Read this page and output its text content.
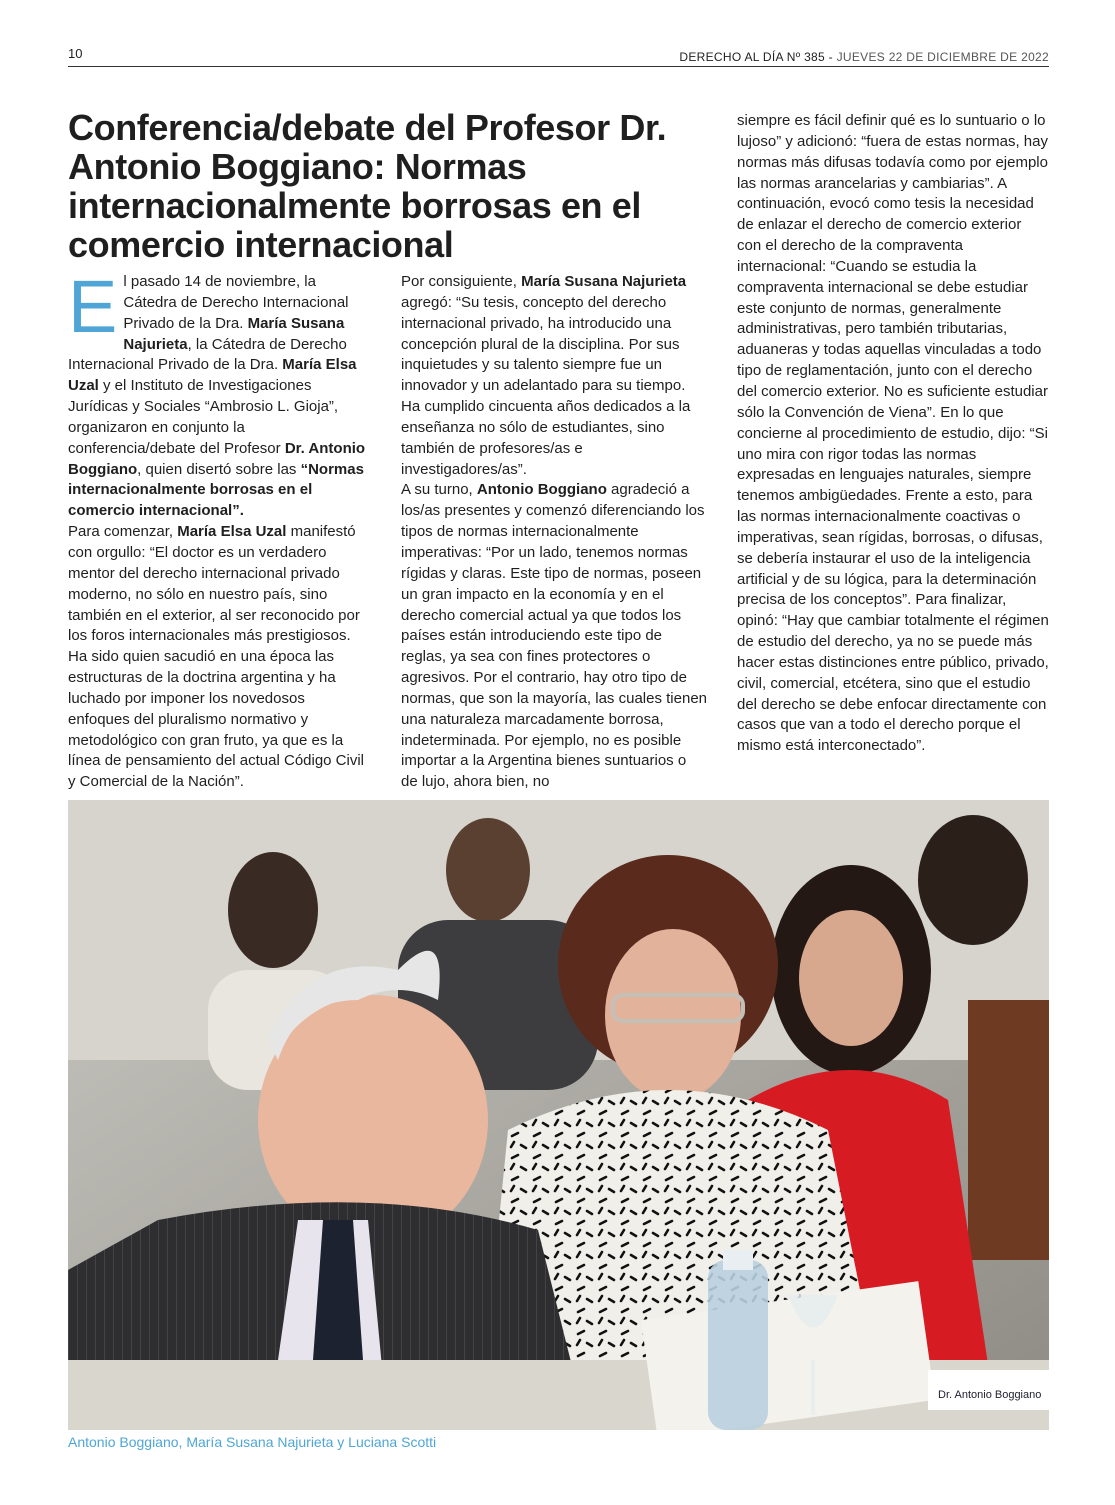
10	DERECHO AL DÍA Nº 385 - JUEVES 22 DE DICIEMBRE DE 2022
Conferencia/debate del Profesor Dr. Antonio Boggiano: Normas internacionalmente borrosas en el comercio internacional

El pasado 14 de noviembre, la Cátedra de Derecho Internacional Privado de la Dra. María Susana Najurieta, la Cátedra de Derecho Internacional Privado de la Dra. María Elsa Uzal y el Instituto de Investigaciones Jurídicas y Sociales “Ambrosio L. Gioja”, organizaron en conjunto la conferencia/debate del Profesor Dr. Antonio Boggiano, quien disertó sobre las “Normas internacionalmente borrosas en el comercio internacional”.

Para comenzar, María Elsa Uzal manifestó con orgullo: “El doctor es un verdadero mentor del derecho internacional privado moderno, no sólo en nuestro país, sino también en el exterior, al ser reconocido por los foros internacionales más prestigiosos. Ha sido quien sacudió en una época las estructuras de la doctrina argentina y ha luchado por imponer los novedosos enfoques del pluralismo normativo y metodológico con gran fruto, ya que es la línea de pensamiento del actual Código Civil y Comercial de la Nación”.

Por consiguiente, María Susana Najurieta agregó: “Su tesis, concepto del derecho internacional privado, ha introducido una concepción plural de la disciplina. Por sus inquietudes y su talento siempre fue un innovador y un adelantado para su tiempo. Ha cumplido cincuenta años dedicados a la enseñanza no sólo de estudiantes, sino también de profesores/as e investigadores/as”.

A su turno, Antonio Boggiano agradeció a los/as presentes y comenzó diferenciando los tipos de normas internacionalmente imperativas: “Por un lado, tenemos normas rígidas y claras. Este tipo de normas, poseen un gran impacto en la economía y en el derecho comercial actual ya que todos los países están introduciendo este tipo de reglas, ya sea con fines protectores o agresivos. Por el contrario, hay otro tipo de normas, que son la mayoría, las cuales tienen una naturaleza marcadamente borrosa, indeterminada. Por ejemplo, no es posible importar a la Argentina bienes suntuarios o de lujo, ahora bien, no

siempre es fácil definir qué es lo suntuario o lo lujoso” y adicionó: “fuera de estas normas, hay normas más difusas todavía como por ejemplo las normas arancelarias y cambiarias”. A continuación, evocó como tesis la necesidad de enlazar el derecho de comercio exterior con el derecho de la compraventa internacional: “Cuando se estudia la compraventa internacional se debe estudiar este conjunto de normas, generalmente administrativas, pero también tributarias, aduaneras y todas aquellas vinculadas a todo tipo de reglamentación, junto con el derecho del comercio exterior. No es suficiente estudiar sólo la Convención de Viena”. En lo que concierne al procedimiento de estudio, dijo: “Si uno mira con rigor todas las normas expresadas en lenguajes naturales, siempre tenemos ambigüedades. Frente a esto, para las normas internacionalmente coactivas o imperativas, sean rígidas, borrosas, o difusas, se debería instaurar el uso de la inteligencia artificial y de su lógica, para la determinación precisa de los conceptos”. Para finalizar, opinó: “Hay que cambiar totalmente el régimen de estudio del derecho, ya no se puede más hacer estas distinciones entre público, privado, civil, comercial, etcétera, sino que el estudio del derecho se debe enfocar directamente con casos que van a todo el derecho porque el mismo está interconectado”.

Dr. Antonio Boggiano
Antonio Boggiano, María Susana Najurieta y Luciana Scotti
